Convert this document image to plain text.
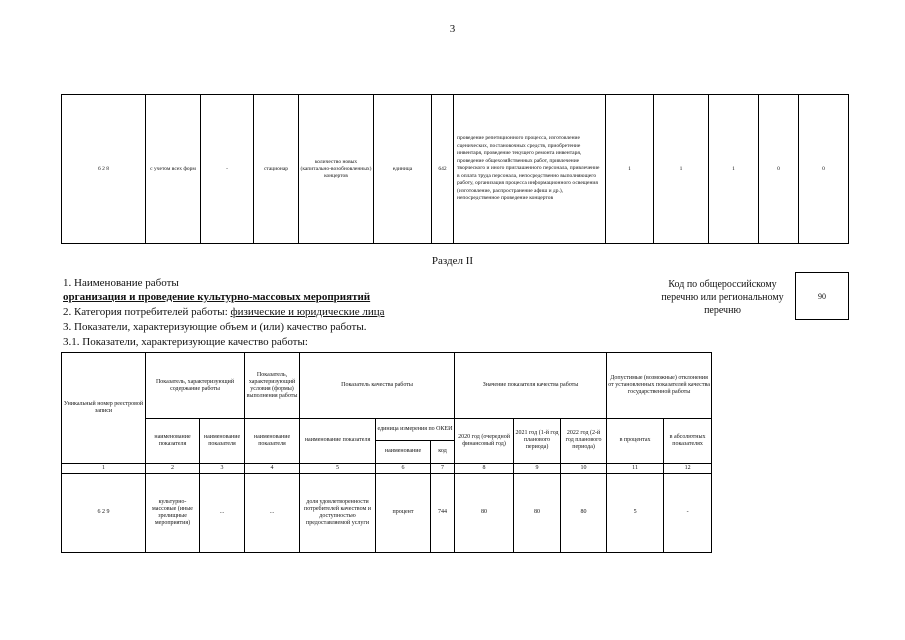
3
6 2 8	с учетом всех форм	-	стационар	количество новых (капитально-возобновленных) концертов	единица	642	проведение репетиционного процесса, изготовление сценических, постановочных средств, приобретение инвентаря, проведение текущего ремонта инвентаря, проведение общехозяйственных работ, привлечение творческого и иного приглашенного персонала, привлечение в оплата труда персонала, непосредственно выполняющего работу, организация процесса информационного освещения (изготовление, распространение афиш и др.), непосредственное проведение концертов	1	1	1	0	0
Раздел II
1. Наименование работы
организация и проведение культурно-массовых мероприятий
2. Категория потребителей работы: физические и юридические лица
3. Показатели, характеризующие объем и (или) качество работы.
3.1. Показатели, характеризующие качество работы:
Код по общероссийскому перечню или региональному перечню
90
Уникальный номер реестровой записи	Показатель, характеризующий содержание работы		Показатель, характеризующий условия (формы) выполнения работы	Показатель качества работы			Значение показателя качества работы			Допустимые (возможные) отклонения от установленных показателей качества государственной работы	
	наименование показателя	наименование показателя	наименование показателя	наименование показателя	единица измерения по ОКЕИ		2020 год (очередной финансовый год)	2021 год (1-й год планового периода)	2022 год (2-й год планового периода)	в процентах	в абсолютных показателях
					наименование	код					
1	2	3	4	5	6	7	8	9	10	11	12
6 2 9	культурно-массовые (иные зрелищные мероприятия)	...	...	доля удовлетворенности потребителей качеством и доступностью предоставляемой услуги	процент	744	80	80	80	5	-
